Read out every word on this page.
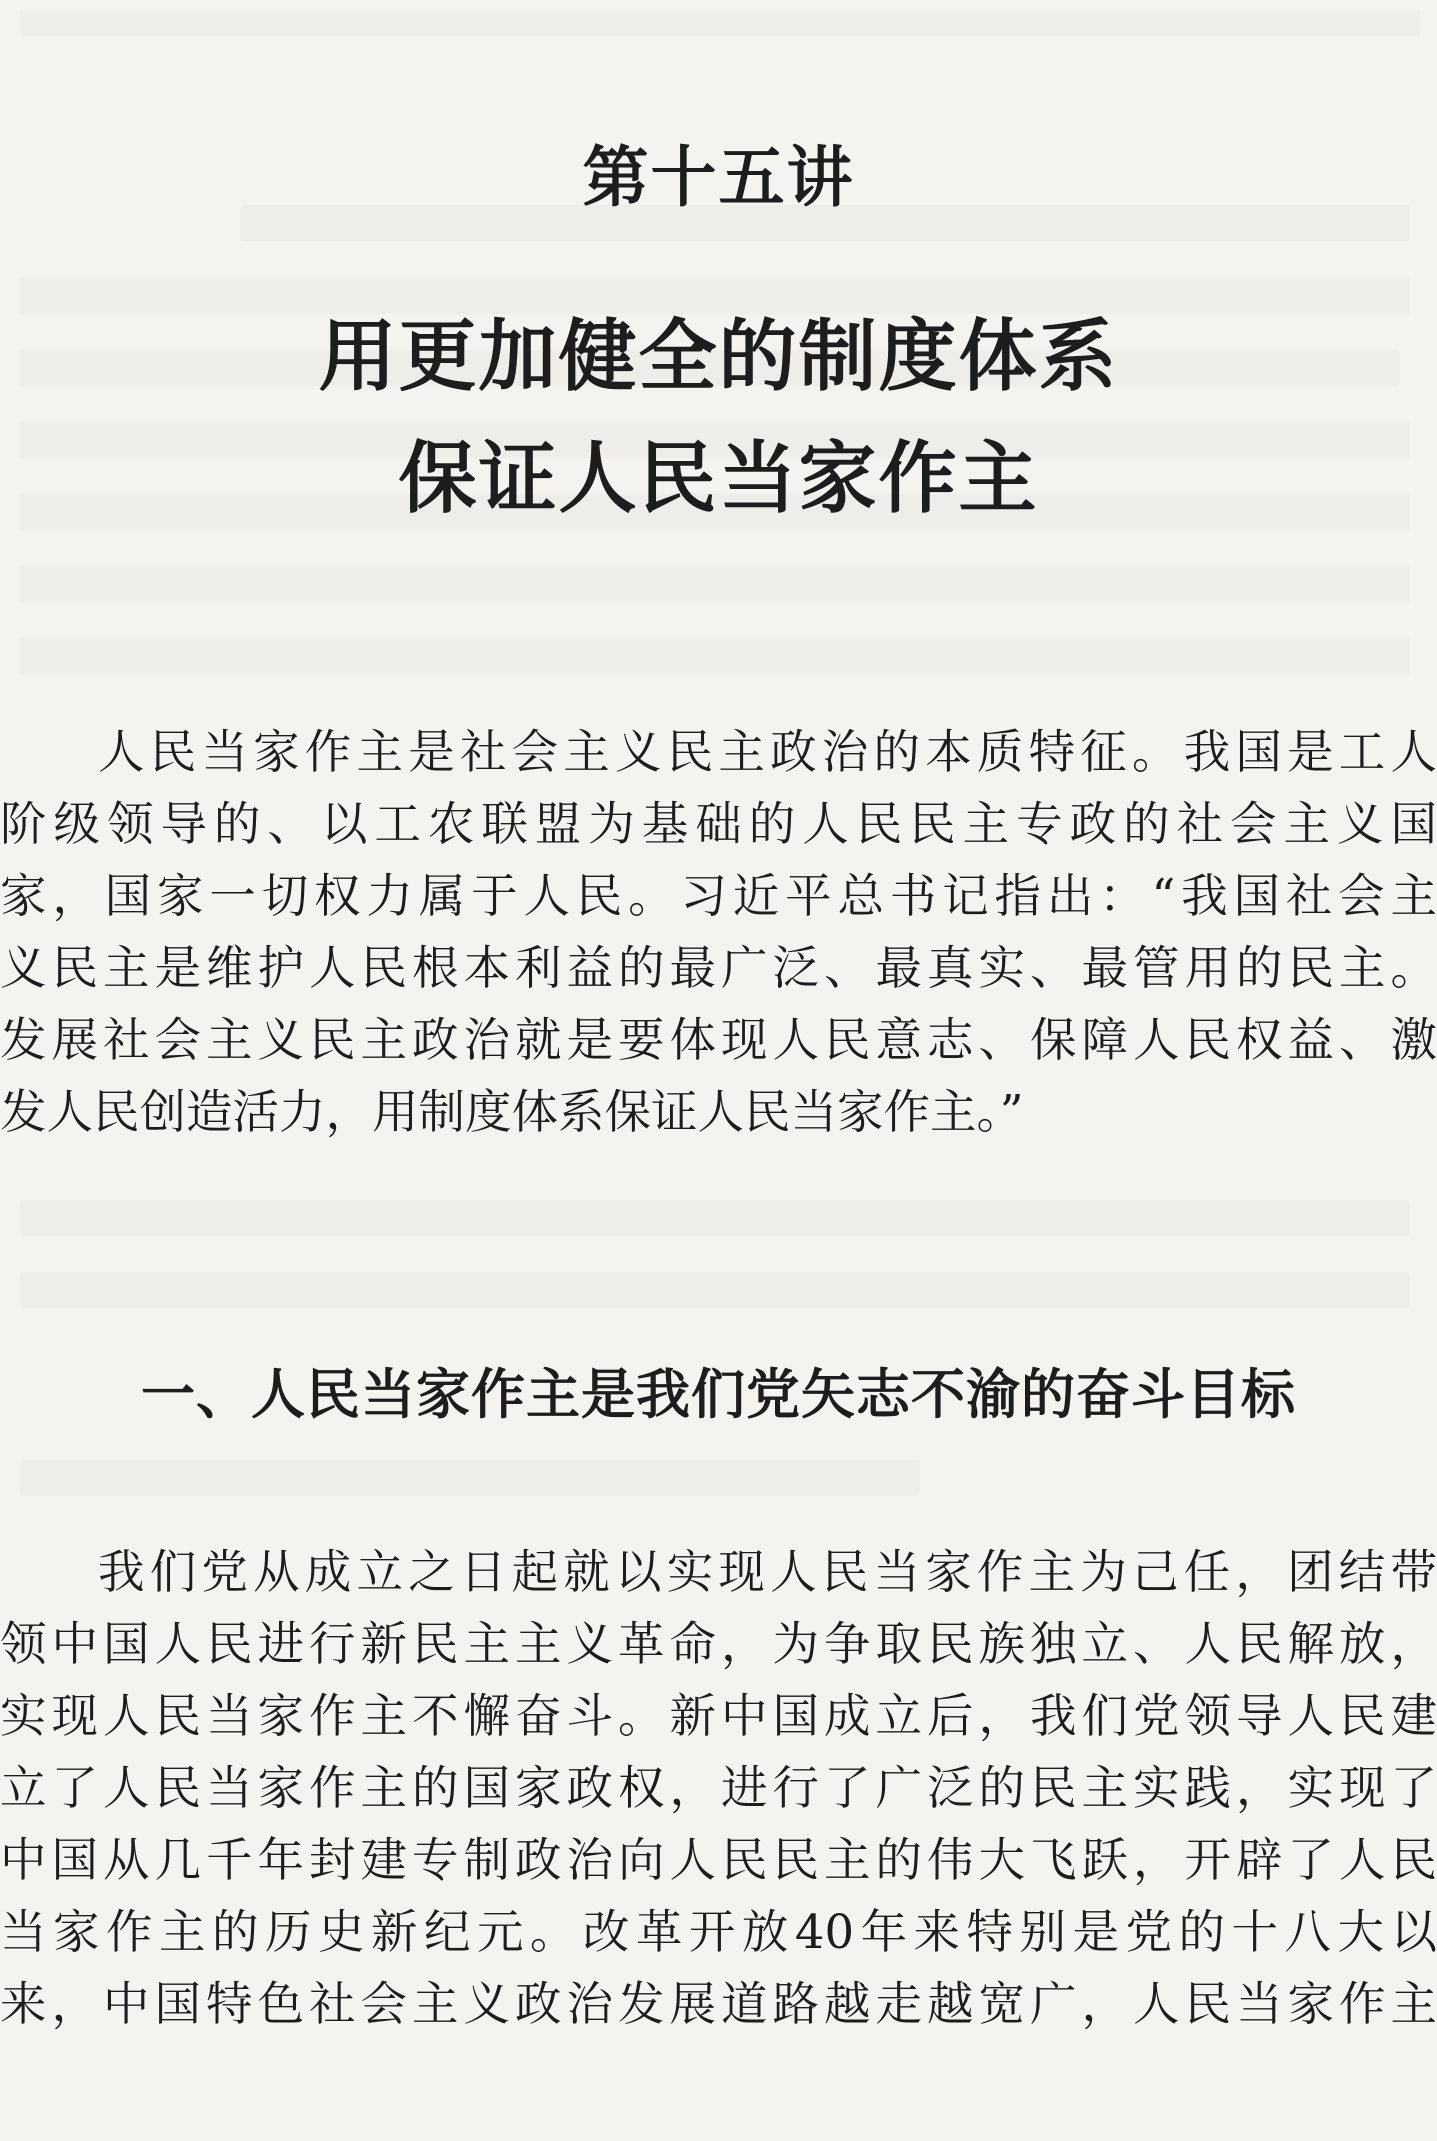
第十五讲
用更加健全的制度体系
保证人民当家作主

人民当家作主是社会主义民主政治的本质特征。我国是工人
阶级领导的、以工农联盟为基础的人民民主专政的社会主义国
家，国家一切权力属于人民。习近平总书记指出：“我国社会主
义民主是维护人民根本利益的最广泛、最真实、最管用的民主。
发展社会主义民主政治就是要体现人民意志、保障人民权益、激
发人民创造活力，用制度体系保证人民当家作主。”

一、人民当家作主是我们党矢志不渝的奋斗目标

我们党从成立之日起就以实现人民当家作主为己任，团结带
领中国人民进行新民主主义革命，为争取民族独立、人民解放，
实现人民当家作主不懈奋斗。新中国成立后，我们党领导人民建
立了人民当家作主的国家政权，进行了广泛的民主实践，实现了
中国从几千年封建专制政治向人民民主的伟大飞跃，开辟了人民
当家作主的历史新纪元。改革开放40年来特别是党的十八大以
来，中国特色社会主义政治发展道路越走越宽广，人民当家作主
